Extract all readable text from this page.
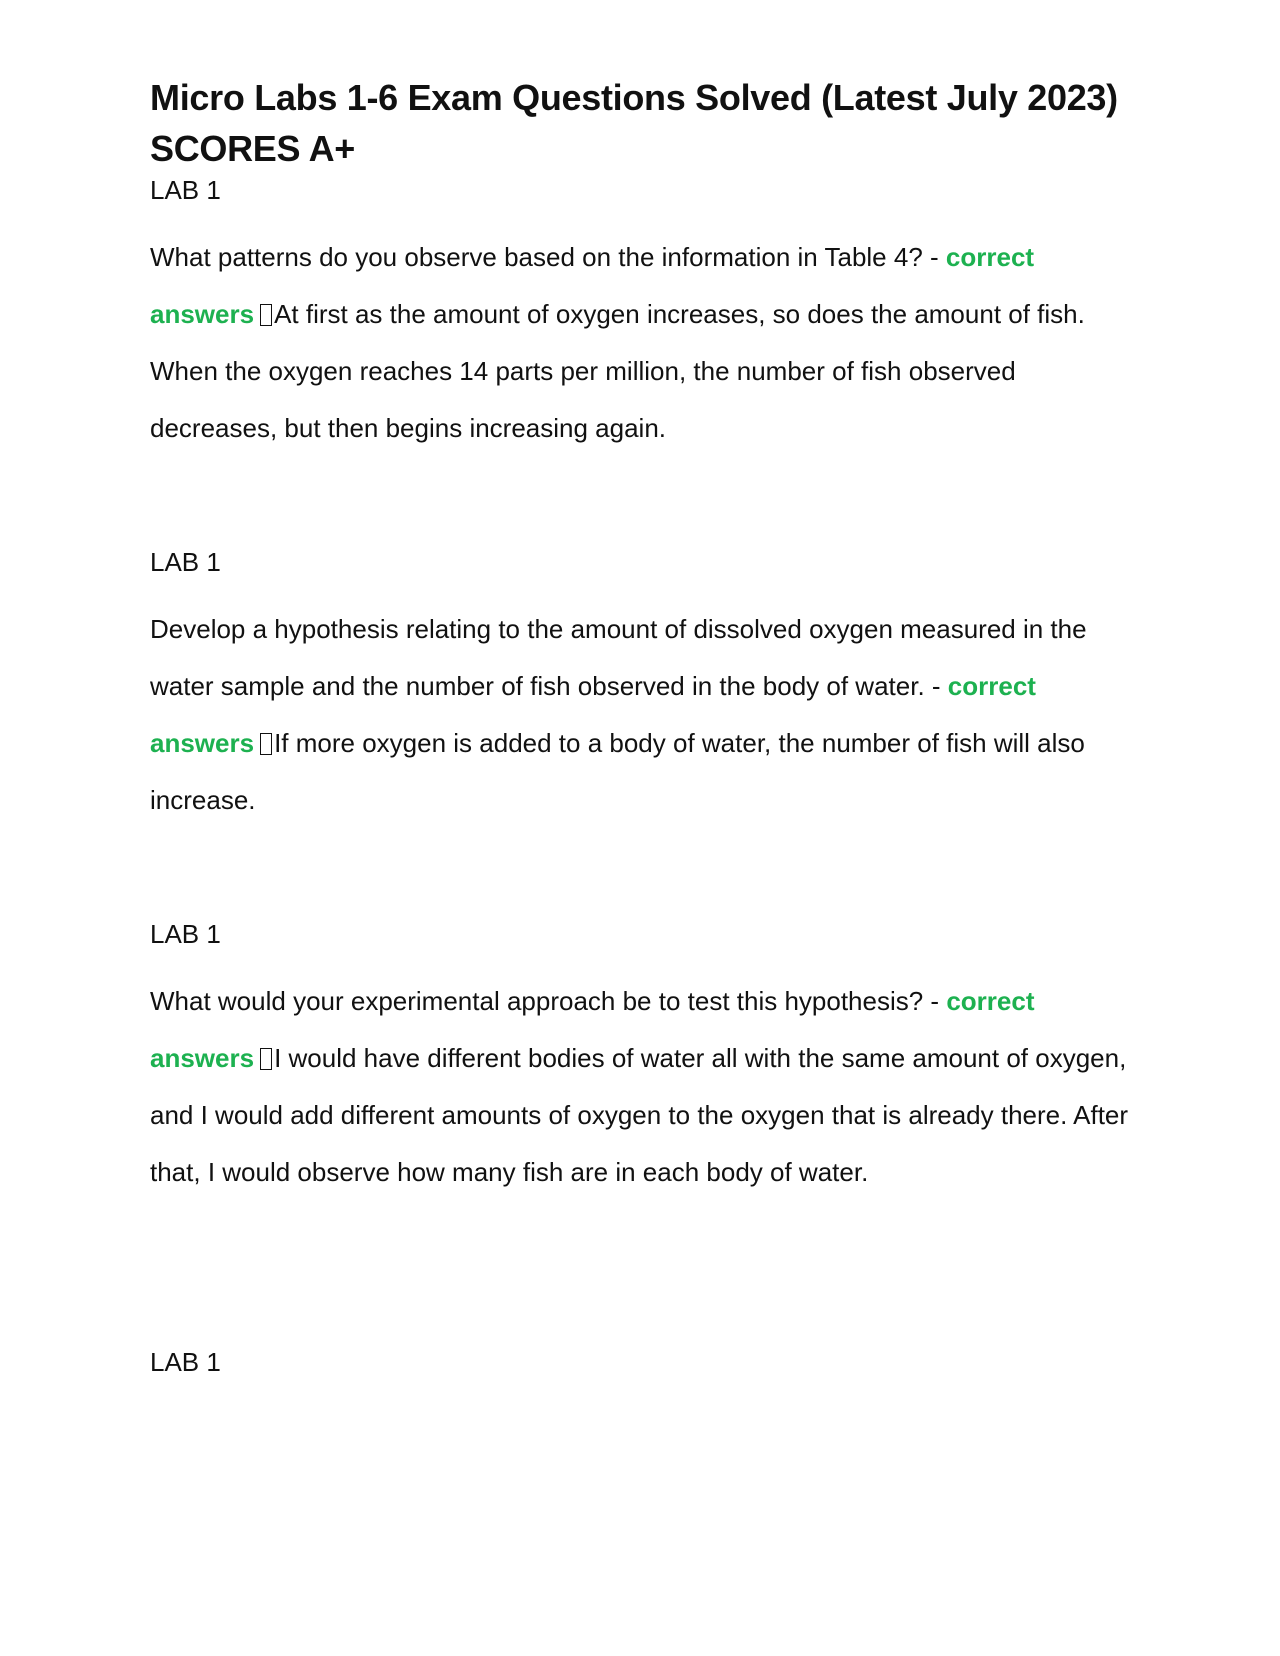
Micro Labs 1-6 Exam Questions Solved (Latest July 2023) SCORES A+

LAB 1

What patterns do you observe based on the information in Table 4? - correct answers At first as the amount of oxygen increases, so does the amount of fish. When the oxygen reaches 14 parts per million, the number of fish observed decreases, but then begins increasing again.

LAB 1

Develop a hypothesis relating to the amount of dissolved oxygen measured in the water sample and the number of fish observed in the body of water. - correct answers If more oxygen is added to a body of water, the number of fish will also increase.

LAB 1

What would your experimental approach be to test this hypothesis? - correct answers I would have different bodies of water all with the same amount of oxygen, and I would add different amounts of oxygen to the oxygen that is already there. After that, I would observe how many fish are in each body of water.

LAB 1
